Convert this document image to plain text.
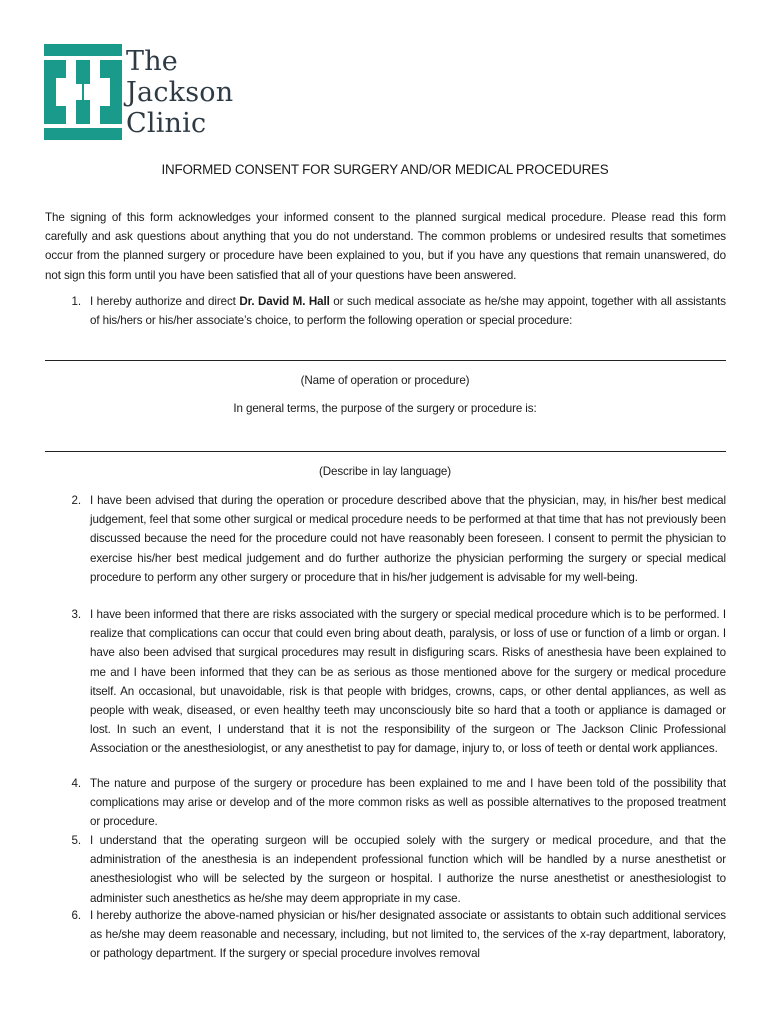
The
Jackson
Clinic
INFORMED CONSENT FOR SURGERY AND/OR MEDICAL PROCEDURES
The signing of this form acknowledges your informed consent to the planned surgical medical procedure. Please read this form carefully and ask questions about anything that you do not understand. The common problems or undesired results that sometimes occur from the planned surgery or procedure have been explained to you, but if you have any questions that remain unanswered, do not sign this form until you have been satisfied that all of your questions have been answered.
1. I hereby authorize and direct Dr. David M. Hall or such medical associate as he/she may appoint, together with all assistants of his/hers or his/her associate’s choice, to perform the following operation or special procedure:
(Name of operation or procedure)
In general terms, the purpose of the surgery or procedure is:
(Describe in lay language)
2. I have been advised that during the operation or procedure described above that the physician, may, in his/her best medical judgement, feel that some other surgical or medical procedure needs to be performed at that time that has not previously been discussed because the need for the procedure could not have reasonably been foreseen. I consent to permit the physician to exercise his/her best medical judgement and do further authorize the physician performing the surgery or special medical procedure to perform any other surgery or procedure that in his/her judgement is advisable for my well-being.
3. I have been informed that there are risks associated with the surgery or special medical procedure which is to be performed. I realize that complications can occur that could even bring about death, paralysis, or loss of use or function of a limb or organ. I have also been advised that surgical procedures may result in disfiguring scars. Risks of anesthesia have been explained to me and I have been informed that they can be as serious as those mentioned above for the surgery or medical procedure itself. An occasional, but unavoidable, risk is that people with bridges, crowns, caps, or other dental appliances, as well as people with weak, diseased, or even healthy teeth may unconsciously bite so hard that a tooth or appliance is damaged or lost. In such an event, I understand that it is not the responsibility of the surgeon or The Jackson Clinic Professional Association or the anesthesiologist, or any anesthetist to pay for damage, injury to, or loss of teeth or dental work appliances.
4. The nature and purpose of the surgery or procedure has been explained to me and I have been told of the possibility that complications may arise or develop and of the more common risks as well as possible alternatives to the proposed treatment or procedure.
5. I understand that the operating surgeon will be occupied solely with the surgery or medical procedure, and that the administration of the anesthesia is an independent professional function which will be handled by a nurse anesthetist or anesthesiologist who will be selected by the surgeon or hospital. I authorize the nurse anesthetist or anesthesiologist to administer such anesthetics as he/she may deem appropriate in my case.
6. I hereby authorize the above-named physician or his/her designated associate or assistants to obtain such additional services as he/she may deem reasonable and necessary, including, but not limited to, the services of the x-ray department, laboratory, or pathology department. If the surgery or special procedure involves removal
